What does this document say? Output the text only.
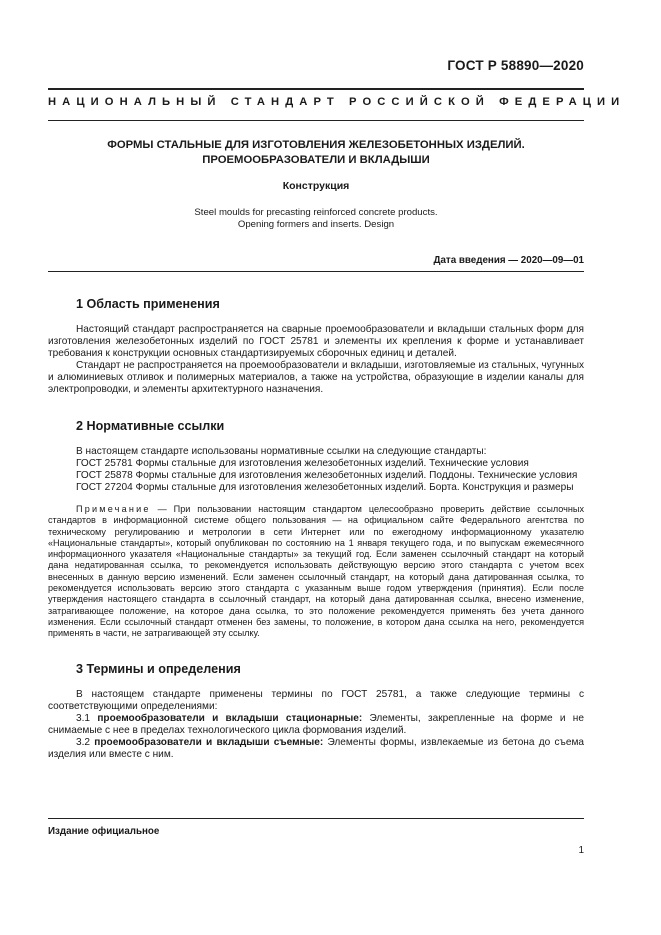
ГОСТ Р 58890—2020
НАЦИОНАЛЬНЫЙ СТАНДАРТ РОССИЙСКОЙ ФЕДЕРАЦИИ
ФОРМЫ СТАЛЬНЫЕ ДЛЯ ИЗГОТОВЛЕНИЯ ЖЕЛЕЗОБЕТОННЫХ ИЗДЕЛИЙ.
ПРОЕМООБРАЗОВАТЕЛИ И ВКЛАДЫШИ
Конструкция
Steel moulds for precasting reinforced concrete products.
Opening formers and inserts. Design
Дата введения — 2020—09—01
1 Область применения

Настоящий стандарт распространяется на сварные проемообразователи и вкладыши стальных форм для изготовления железобетонных изделий по ГОСТ 25781 и элементы их крепления к форме и устанавливает требования к конструкции основных стандартизируемых сборочных единиц и деталей.

Стандарт не распространяется на проемообразователи и вкладыши, изготовляемые из стальных, чугунных и алюминиевых отливок и полимерных материалов, а также на устройства, образующие в изделии каналы для электропроводки, и элементы архитектурного назначения.

2 Нормативные ссылки

В настоящем стандарте использованы нормативные ссылки на следующие стандарты:

ГОСТ 25781 Формы стальные для изготовления железобетонных изделий. Технические условия

ГОСТ 25878 Формы стальные для изготовления железобетонных изделий. Поддоны. Технические условия

ГОСТ 27204 Формы стальные для изготовления железобетонных изделий. Борта. Конструкция и размеры

Примечание — При пользовании настоящим стандартом целесообразно проверить действие ссылочных стандартов в информационной системе общего пользования — на официальном сайте Федерального агентства по техническому регулированию и метрологии в сети Интернет или по ежегодному информационному указателю «Национальные стандарты», который опубликован по состоянию на 1 января текущего года, и по выпускам ежемесячного информационного указателя «Национальные стандарты» за текущий год. Если заменен ссылочный стандарт на который дана недатированная ссылка, то рекомендуется использовать действующую версию этого стандарта с учетом всех внесенных в данную версию изменений. Если заменен ссылочный стандарт, на который дана датированная ссылка, то рекомендуется использовать версию этого стандарта с указанным выше годом утверждения (принятия). Если после утверждения настоящего стандарта в ссылочный стандарт, на который дана датированная ссылка, внесено изменение, затрагивающее положение, на которое дана ссылка, то это положение рекомендуется применять без учета данного изменения. Если ссылочный стандарт отменен без замены, то положение, в котором дана ссылка на него, рекомендуется применять в части, не затрагивающей эту ссылку.

3 Термины и определения

В настоящем стандарте применены термины по ГОСТ 25781, а также следующие термины с соответствующими определениями:

3.1 проемообразователи и вкладыши стационарные: Элементы, закрепленные на форме и не снимаемые с нее в пределах технологического цикла формования изделий.

3.2 проемообразователи и вкладыши съемные: Элементы формы, извлекаемые из бетона до съема изделия или вместе с ним.

Издание официальное
1
